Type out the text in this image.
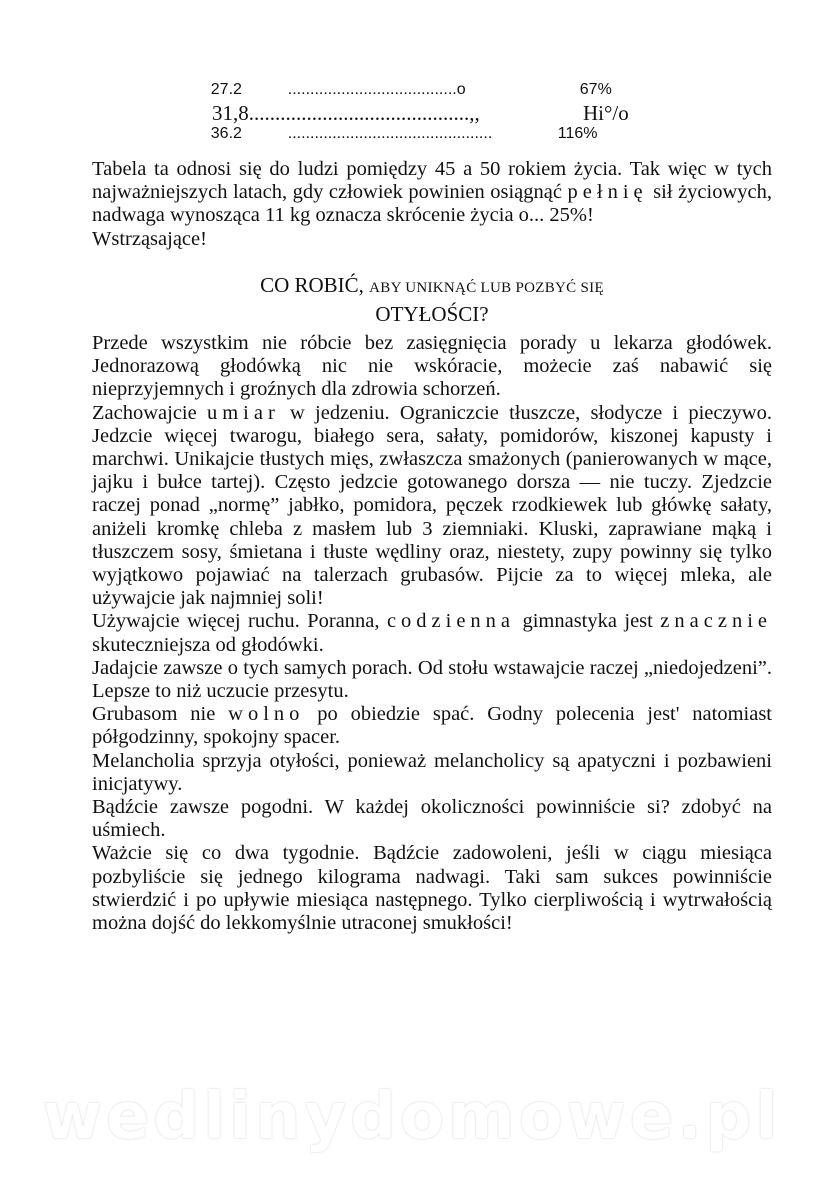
27.2
	......................................o
	67%

31,8..........................................,,
	Hi°/o

36.2
	..............................................
	116%

Tabela ta odnosi się do ludzi pomiędzy 45 a 50 rokiem życia. Tak więc w tych najważniejszych latach, gdy człowiek powinien osiągnąć pełnię sił życiowych, nadwaga wynosząca 11 kg oznacza skrócenie życia o... 25%!

Wstrząsające!

CO ROBIĆ, ABY UNIKNĄĆ LUB POZBYĆ SIĘ
OTYŁOŚCI?

Przede wszystkim nie róbcie bez zasięgnięcia porady u lekarza głodówek. Jednorazową głodówką nic nie wskóracie, możecie zaś nabawić się nieprzyjemnych i groźnych dla zdrowia schorzeń.

Zachowajcie umiar w jedzeniu. Ograniczcie tłuszcze, słodycze i pieczywo. Jedzcie więcej twarogu, białego sera, sałaty, pomidorów, kiszonej kapusty i marchwi. Unikajcie tłustych mięs, zwłaszcza smażonych (panierowanych w mące, jajku i bułce tartej). Często jedzcie gotowanego dorsza — nie tuczy. Zjedzcie raczej ponad „normę” jabłko, pomidora, pęczek rzodkiewek lub główkę sałaty, aniżeli kromkę chleba z masłem lub 3 ziemniaki. Kluski, zaprawiane mąką i tłuszczem sosy, śmietana i tłuste wędliny oraz, niestety, zupy powinny się tylko wyjątkowo pojawiać na talerzach grubasów. Pijcie za to więcej mleka, ale używajcie jak najmniej soli!

Używajcie więcej ruchu. Poranna, codzienna gimnastyka jest znacznie skuteczniejsza od głodówki.

Jadajcie zawsze o tych samych porach. Od stołu wstawajcie raczej „niedojedzeni”. Lepsze to niż uczucie przesytu.

Grubasom nie wolno po obiedzie spać. Godny polecenia jest' natomiast półgodzinny, spokojny spacer.

Melancholia sprzyja otyłości, ponieważ melancholicy są apatyczni i pozbawieni inicjatywy.

Bądźcie zawsze pogodni. W każdej okoliczności powinniście si? zdobyć na uśmiech.

Ważcie się co dwa tygodnie. Bądźcie zadowoleni, jeśli w ciągu miesiąca pozbyliście się jednego kilograma nadwagi. Taki sam sukces powinniście stwierdzić i po upływie miesiąca następnego. Tylko cierpliwością i wytrwałością można dojść do lekkomyślnie utraconej smukłości!

wedlinydomowe.pl
